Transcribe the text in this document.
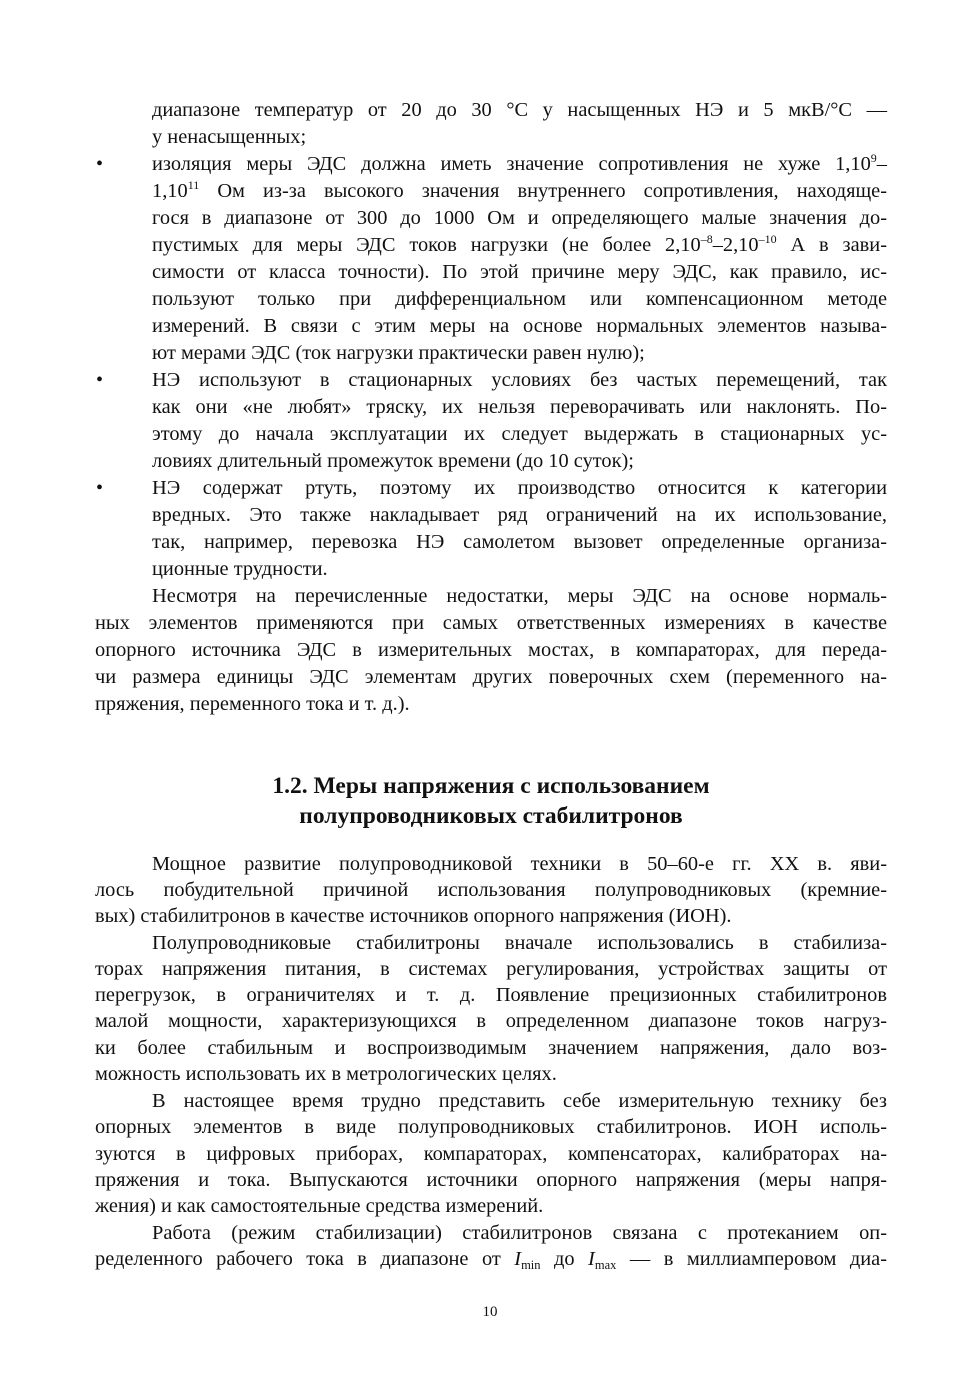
диапазоне температур от 20 до 30 °С у насыщенных НЭ и 5 мкВ/°С —
у ненасыщенных;
•	изоляция меры ЭДС должна иметь значение сопротивления не хуже 1,10$^9$–
1,10$^{11}$ Ом из-за высокого значения внутреннего сопротивления, находяще-
гося в диапазоне от 300 до 1000 Ом и определяющего малые значения до-
пустимых для меры ЭДС токов нагрузки (не более $2,10^{-8}-2,10^{-10}$ А в зави-
симости от класса точности). По этой причине меру ЭДС, как правило, ис-
пользуют только при дифференциальном или компенсационном методе
измерений. В связи с этим меры на основе нормальных элементов называ-
ют мерами ЭДС (ток нагрузки практически равен нулю);
•	НЭ используют в стационарных условиях без частых перемещений, так
как они «не любят» тряску, их нельзя переворачивать или наклонять. По-
этому до начала эксплуатации их следует выдержать в стационарных ус-
ловиях длительный промежуток времени (до 10 суток);
•	НЭ содержат ртуть, поэтому их производство относится к категории
вредных. Это также накладывает ряд ограничений на их использование,
так, например, перевозка НЭ самолетом вызовет определенные организа-
ционные трудности.
Несмотря на перечисленные недостатки, меры ЭДС на основе нормаль-
ных элементов применяются при самых ответственных измерениях в качестве
опорного источника ЭДС в измерительных мостах, в компараторах, для переда-
чи размера единицы ЭДС элементам других поверочных схем (переменного на-
пряжения, переменного тока и т. д.).
1.2. Меры напряжения с использованием
полупроводниковых стабилитронов
Мощное развитие полупроводниковой техники в 50–60-е гг. XX в. яви-
лось побудительной причиной использования полупроводниковых (кремние-
вых) стабилитронов в качестве источников опорного напряжения (ИОН).
Полупроводниковые стабилитроны вначале использовались в стабилиза-
торах напряжения питания, в системах регулирования, устройствах защиты от
перегрузок, в ограничителях и т. д. Появление прецизионных стабилитронов
малой мощности, характеризующихся в определенном диапазоне токов нагруз-
ки более стабильным и воспроизводимым значением напряжения, дало воз-
можность использовать их в метрологических целях.
В настоящее время трудно представить себе измерительную технику без
опорных элементов в виде полупроводниковых стабилитронов. ИОН исполь-
зуются в цифровых приборах, компараторах, компенсаторах, калибраторах на-
пряжения и тока. Выпускаются источники опорного напряжения (меры напря-
жения) и как самостоятельные средства измерений.
Работа (режим стабилизации) стабилитронов связана с протеканием оп-
ределенного рабочего тока в диапазоне от $I_{min}$ до $I_{max}$ — в миллиамперовом диа-
10
